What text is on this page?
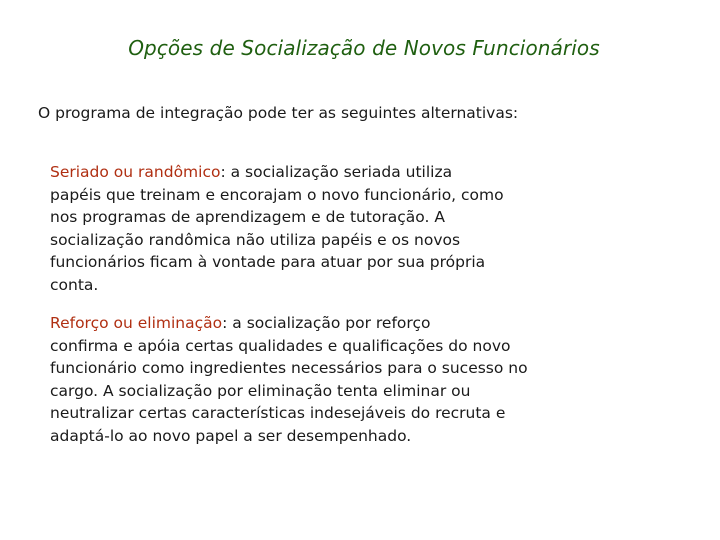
Opções de Socialização de Novos Funcionários
O programa de integração pode ter as seguintes alternativas:
Seriado ou randômico: a socialização seriada utiliza
papéis que treinam e encorajam o novo funcionário, como
nos programas de aprendizagem e de tutoração. A
socialização randômica não utiliza papéis e os novos
funcionários ficam à vontade para atuar por sua própria
conta.
Reforço ou eliminação: a socialização por reforço
confirma e apóia certas qualidades e qualificações do novo
funcionário como ingredientes necessários para o sucesso no
cargo. A socialização por eliminação tenta eliminar ou
neutralizar certas características indesejáveis do recruta e
adaptá-lo ao novo papel a ser desempenhado.
